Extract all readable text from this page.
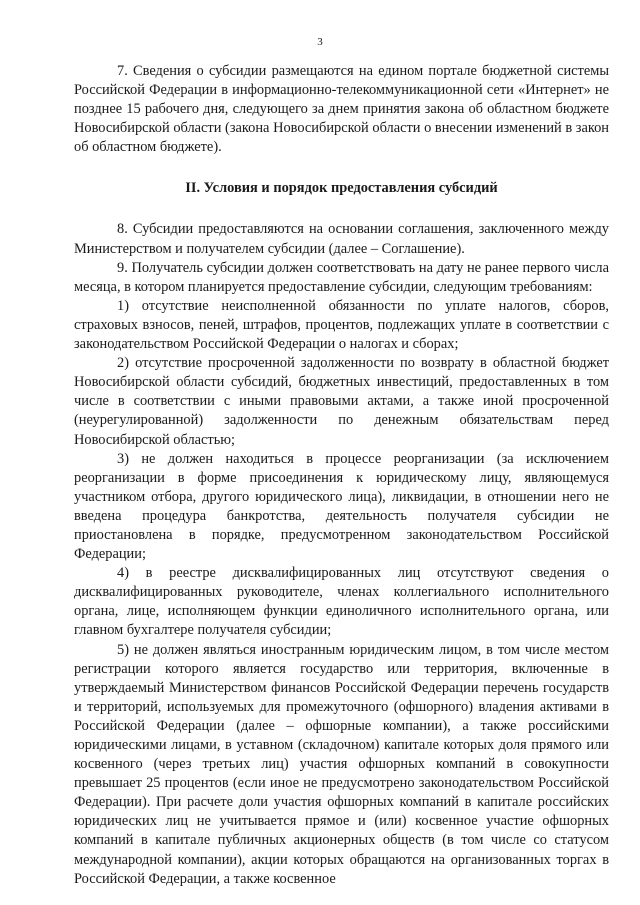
3

7. Сведения о субсидии размещаются на едином портале бюджетной системы Российской Федерации в информационно-телекоммуникационной сети «Интернет» не позднее 15 рабочего дня, следующего за днем принятия закона об областном бюджете Новосибирской области (закона Новосибирской области о внесении изменений в закон об областном бюджете).

II. Условия и порядок предоставления субсидий

8. Субсидии предоставляются на основании соглашения, заключенного между Министерством и получателем субсидии (далее – Соглашение).

9. Получатель субсидии должен соответствовать на дату не ранее первого числа месяца, в котором планируется предоставление субсидии, следующим требованиям:

1) отсутствие неисполненной обязанности по уплате налогов, сборов, страховых взносов, пеней, штрафов, процентов, подлежащих уплате в соответствии с законодательством Российской Федерации о налогах и сборах;

2) отсутствие просроченной задолженности по возврату в областной бюджет Новосибирской области субсидий, бюджетных инвестиций, предоставленных в том числе в соответствии с иными правовыми актами, а также иной просроченной (неурегулированной) задолженности по денежным обязательствам перед Новосибирской областью;

3) не должен находиться в процессе реорганизации (за исключением реорганизации в форме присоединения к юридическому лицу, являющемуся участником отбора, другого юридического лица), ликвидации, в отношении него не введена процедура банкротства, деятельность получателя субсидии не приостановлена в порядке, предусмотренном законодательством Российской Федерации;

4) в реестре дисквалифицированных лиц отсутствуют сведения о дисквалифицированных руководителе, членах коллегиального исполнительного органа, лице, исполняющем функции единоличного исполнительного органа, или главном бухгалтере получателя субсидии;

5) не должен являться иностранным юридическим лицом, в том числе местом регистрации которого является государство или территория, включенные в утверждаемый Министерством финансов Российской Федерации перечень государств и территорий, используемых для промежуточного (офшорного) владения активами в Российской Федерации (далее – офшорные компании), а также российскими юридическими лицами, в уставном (складочном) капитале которых доля прямого или косвенного (через третьих лиц) участия офшорных компаний в совокупности превышает 25 процентов (если иное не предусмотрено законодательством Российской Федерации). При расчете доли участия офшорных компаний в капитале российских юридических лиц не учитывается прямое и (или) косвенное участие офшорных компаний в капитале публичных акционерных обществ (в том числе со статусом международной компании), акции которых обращаются на организованных торгах в Российской Федерации, а также косвенное
